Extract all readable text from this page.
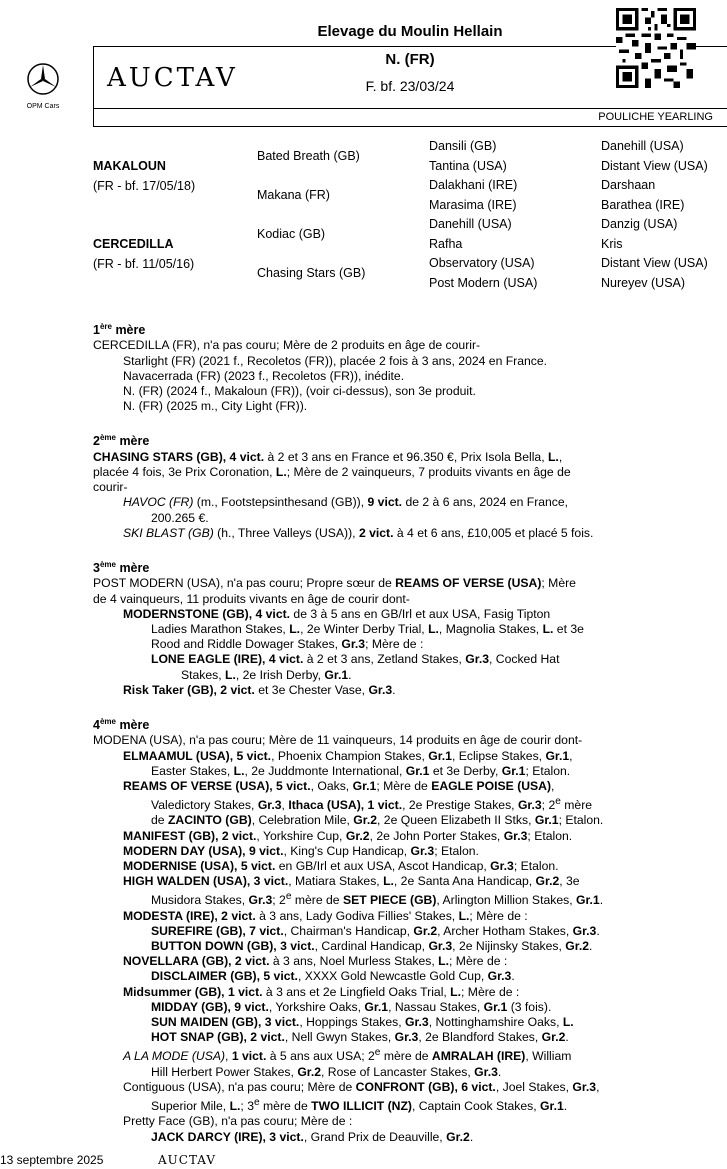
OPM Cars
Elevage du Moulin Hellain
N. (FR)
F. bf. 23/03/24
AUCTAV
POULICHE YEARLING
MAKALOUN
(FR - bf. 17/05/18)
CERCEDILLA
(FR - bf. 11/05/16)
Bated Breath (GB)
Makana (FR)
Kodiac (GB)
Chasing Stars (GB)
Dansili (GB)
Tantina (USA)
Dalakhani (IRE)
Marasima (IRE)
Danehill (USA)
Rafha
Observatory (USA)
Post Modern (USA)
Danehill (USA)
Distant View (USA)
Darshaan
Barathea (IRE)
Danzig (USA)
Kris
Distant View (USA)
Nureyev (USA)

1ère mère

CERCEDILLA (FR), n'a pas couru; Mère de 2 produits en âge de courir-

Starlight (FR) (2021 f., Recoletos (FR)), placée 2 fois à 3 ans, 2024 en France.

Navacerrada (FR) (2023 f., Recoletos (FR)), inédite.

N. (FR) (2024 f., Makaloun (FR)), (voir ci-dessus), son 3e produit.

N. (FR) (2025 m., City Light (FR)).

2ème mère

CHASING STARS (GB), 4 vict. à 2 et 3 ans en France et 96.350 €, Prix Isola Bella, L.,

placée 4 fois, 3e Prix Coronation, L.; Mère de 2 vainqueurs, 7 produits vivants en âge de

courir-

HAVOC (FR) (m., Footstepsinthesand (GB)), 9 vict. de 2 à 6 ans, 2024 en France,

200.265 €.

SKI BLAST (GB) (h., Three Valleys (USA)), 2 vict. à 4 et 6 ans, £10,005 et placé 5 fois.

3ème mère

POST MODERN (USA), n'a pas couru; Propre sœur de REAMS OF VERSE (USA); Mère

de 4 vainqueurs, 11 produits vivants en âge de courir dont-

MODERNSTONE (GB), 4 vict. de 3 à 5 ans en GB/Irl et aux USA, Fasig Tipton

Ladies Marathon Stakes, L., 2e Winter Derby Trial, L., Magnolia Stakes, L. et 3e

Rood and Riddle Dowager Stakes, Gr.3; Mère de :

LONE EAGLE (IRE), 4 vict. à 2 et 3 ans, Zetland Stakes, Gr.3, Cocked Hat

Stakes, L., 2e Irish Derby, Gr.1.

Risk Taker (GB), 2 vict. et 3e Chester Vase, Gr.3.

4ème mère

MODENA (USA), n'a pas couru; Mère de 11 vainqueurs, 14 produits en âge de courir dont-

ELMAAMUL (USA), 5 vict., Phoenix Champion Stakes, Gr.1, Eclipse Stakes, Gr.1,

Easter Stakes, L., 2e Juddmonte International, Gr.1 et 3e Derby, Gr.1; Etalon.

REAMS OF VERSE (USA), 5 vict., Oaks, Gr.1; Mère de EAGLE POISE (USA),

Valedictory Stakes, Gr.3, Ithaca (USA), 1 vict., 2e Prestige Stakes, Gr.3; 2e mère

de ZACINTO (GB), Celebration Mile, Gr.2, 2e Queen Elizabeth II Stks, Gr.1; Etalon.

MANIFEST (GB), 2 vict., Yorkshire Cup, Gr.2, 2e John Porter Stakes, Gr.3; Etalon.

MODERN DAY (USA), 9 vict., King's Cup Handicap, Gr.3; Etalon.

MODERNISE (USA), 5 vict. en GB/Irl et aux USA, Ascot Handicap, Gr.3; Etalon.

HIGH WALDEN (USA), 3 vict., Matiara Stakes, L., 2e Santa Ana Handicap, Gr.2, 3e

Musidora Stakes, Gr.3; 2e mère de SET PIECE (GB), Arlington Million Stakes, Gr.1.

MODESTA (IRE), 2 vict. à 3 ans, Lady Godiva Fillies' Stakes, L.; Mère de :

SUREFIRE (GB), 7 vict., Chairman's Handicap, Gr.2, Archer Hotham Stakes, Gr.3.

BUTTON DOWN (GB), 3 vict., Cardinal Handicap, Gr.3, 2e Nijinsky Stakes, Gr.2.

NOVELLARA (GB), 2 vict. à 3 ans, Noel Murless Stakes, L.; Mère de :

DISCLAIMER (GB), 5 vict., XXXX Gold Newcastle Gold Cup, Gr.3.

Midsummer (GB), 1 vict. à 3 ans et 2e Lingfield Oaks Trial, L.; Mère de :

MIDDAY (GB), 9 vict., Yorkshire Oaks, Gr.1, Nassau Stakes, Gr.1 (3 fois).

SUN MAIDEN (GB), 3 vict., Hoppings Stakes, Gr.3, Nottinghamshire Oaks, L.

HOT SNAP (GB), 2 vict., Nell Gwyn Stakes, Gr.3, 2e Blandford Stakes, Gr.2.

A LA MODE (USA), 1 vict. à 5 ans aux USA; 2e mère de AMRALAH (IRE), William

Hill Herbert Power Stakes, Gr.2, Rose of Lancaster Stakes, Gr.3.

Contiguous (USA), n'a pas couru; Mère de CONFRONT (GB), 6 vict., Joel Stakes, Gr.3,

Superior Mile, L.; 3e mère de TWO ILLICIT (NZ), Captain Cook Stakes, Gr.1.

Pretty Face (GB), n'a pas couru; Mère de :

JACK DARCY (IRE), 3 vict., Grand Prix de Deauville, Gr.2.

13 septembre 2025	AUCTAV
